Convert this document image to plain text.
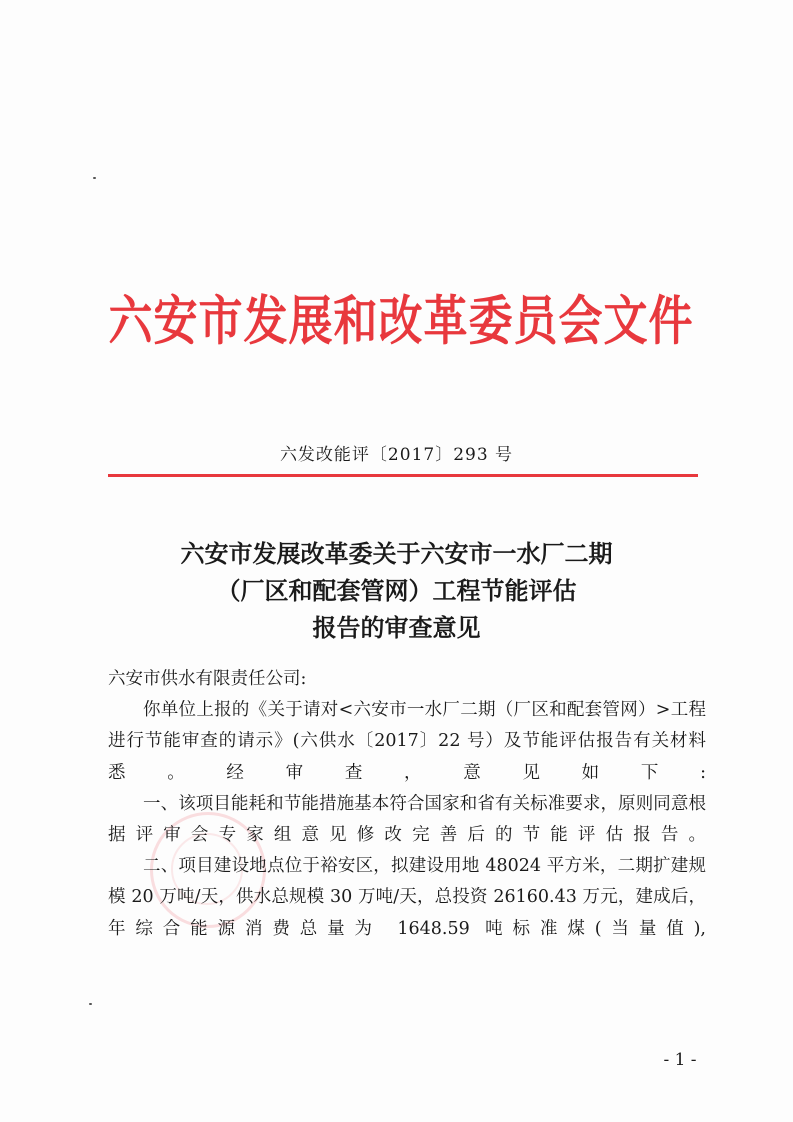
六安市发展和改革委员会文件
六发改能评〔2017〕293 号
六安市发展改革委关于六安市一水厂二期
（厂区和配套管网）工程节能评估
报告的审查意见

六安市供水有限责任公司:

你单位上报的《关于请对<六安市一水厂二期（厂区和配套管网）>工程进行节能审查的请示》(六供水〔2017〕22 号）及节能评估报告有关材料悉。经审查，意见如下:

一、该项目能耗和节能措施基本符合国家和省有关标准要求，原则同意根据评审会专家组意见修改完善后的节能评估报告。

二、项目建设地点位于裕安区，拟建设用地 48024 平方米，二期扩建规模 20 万吨/天，供水总规模 30 万吨/天，总投资 26160.43 万元，建成后，年综合能源消费总量为 1648.59 吨标准煤(当量值),

- 1 -
